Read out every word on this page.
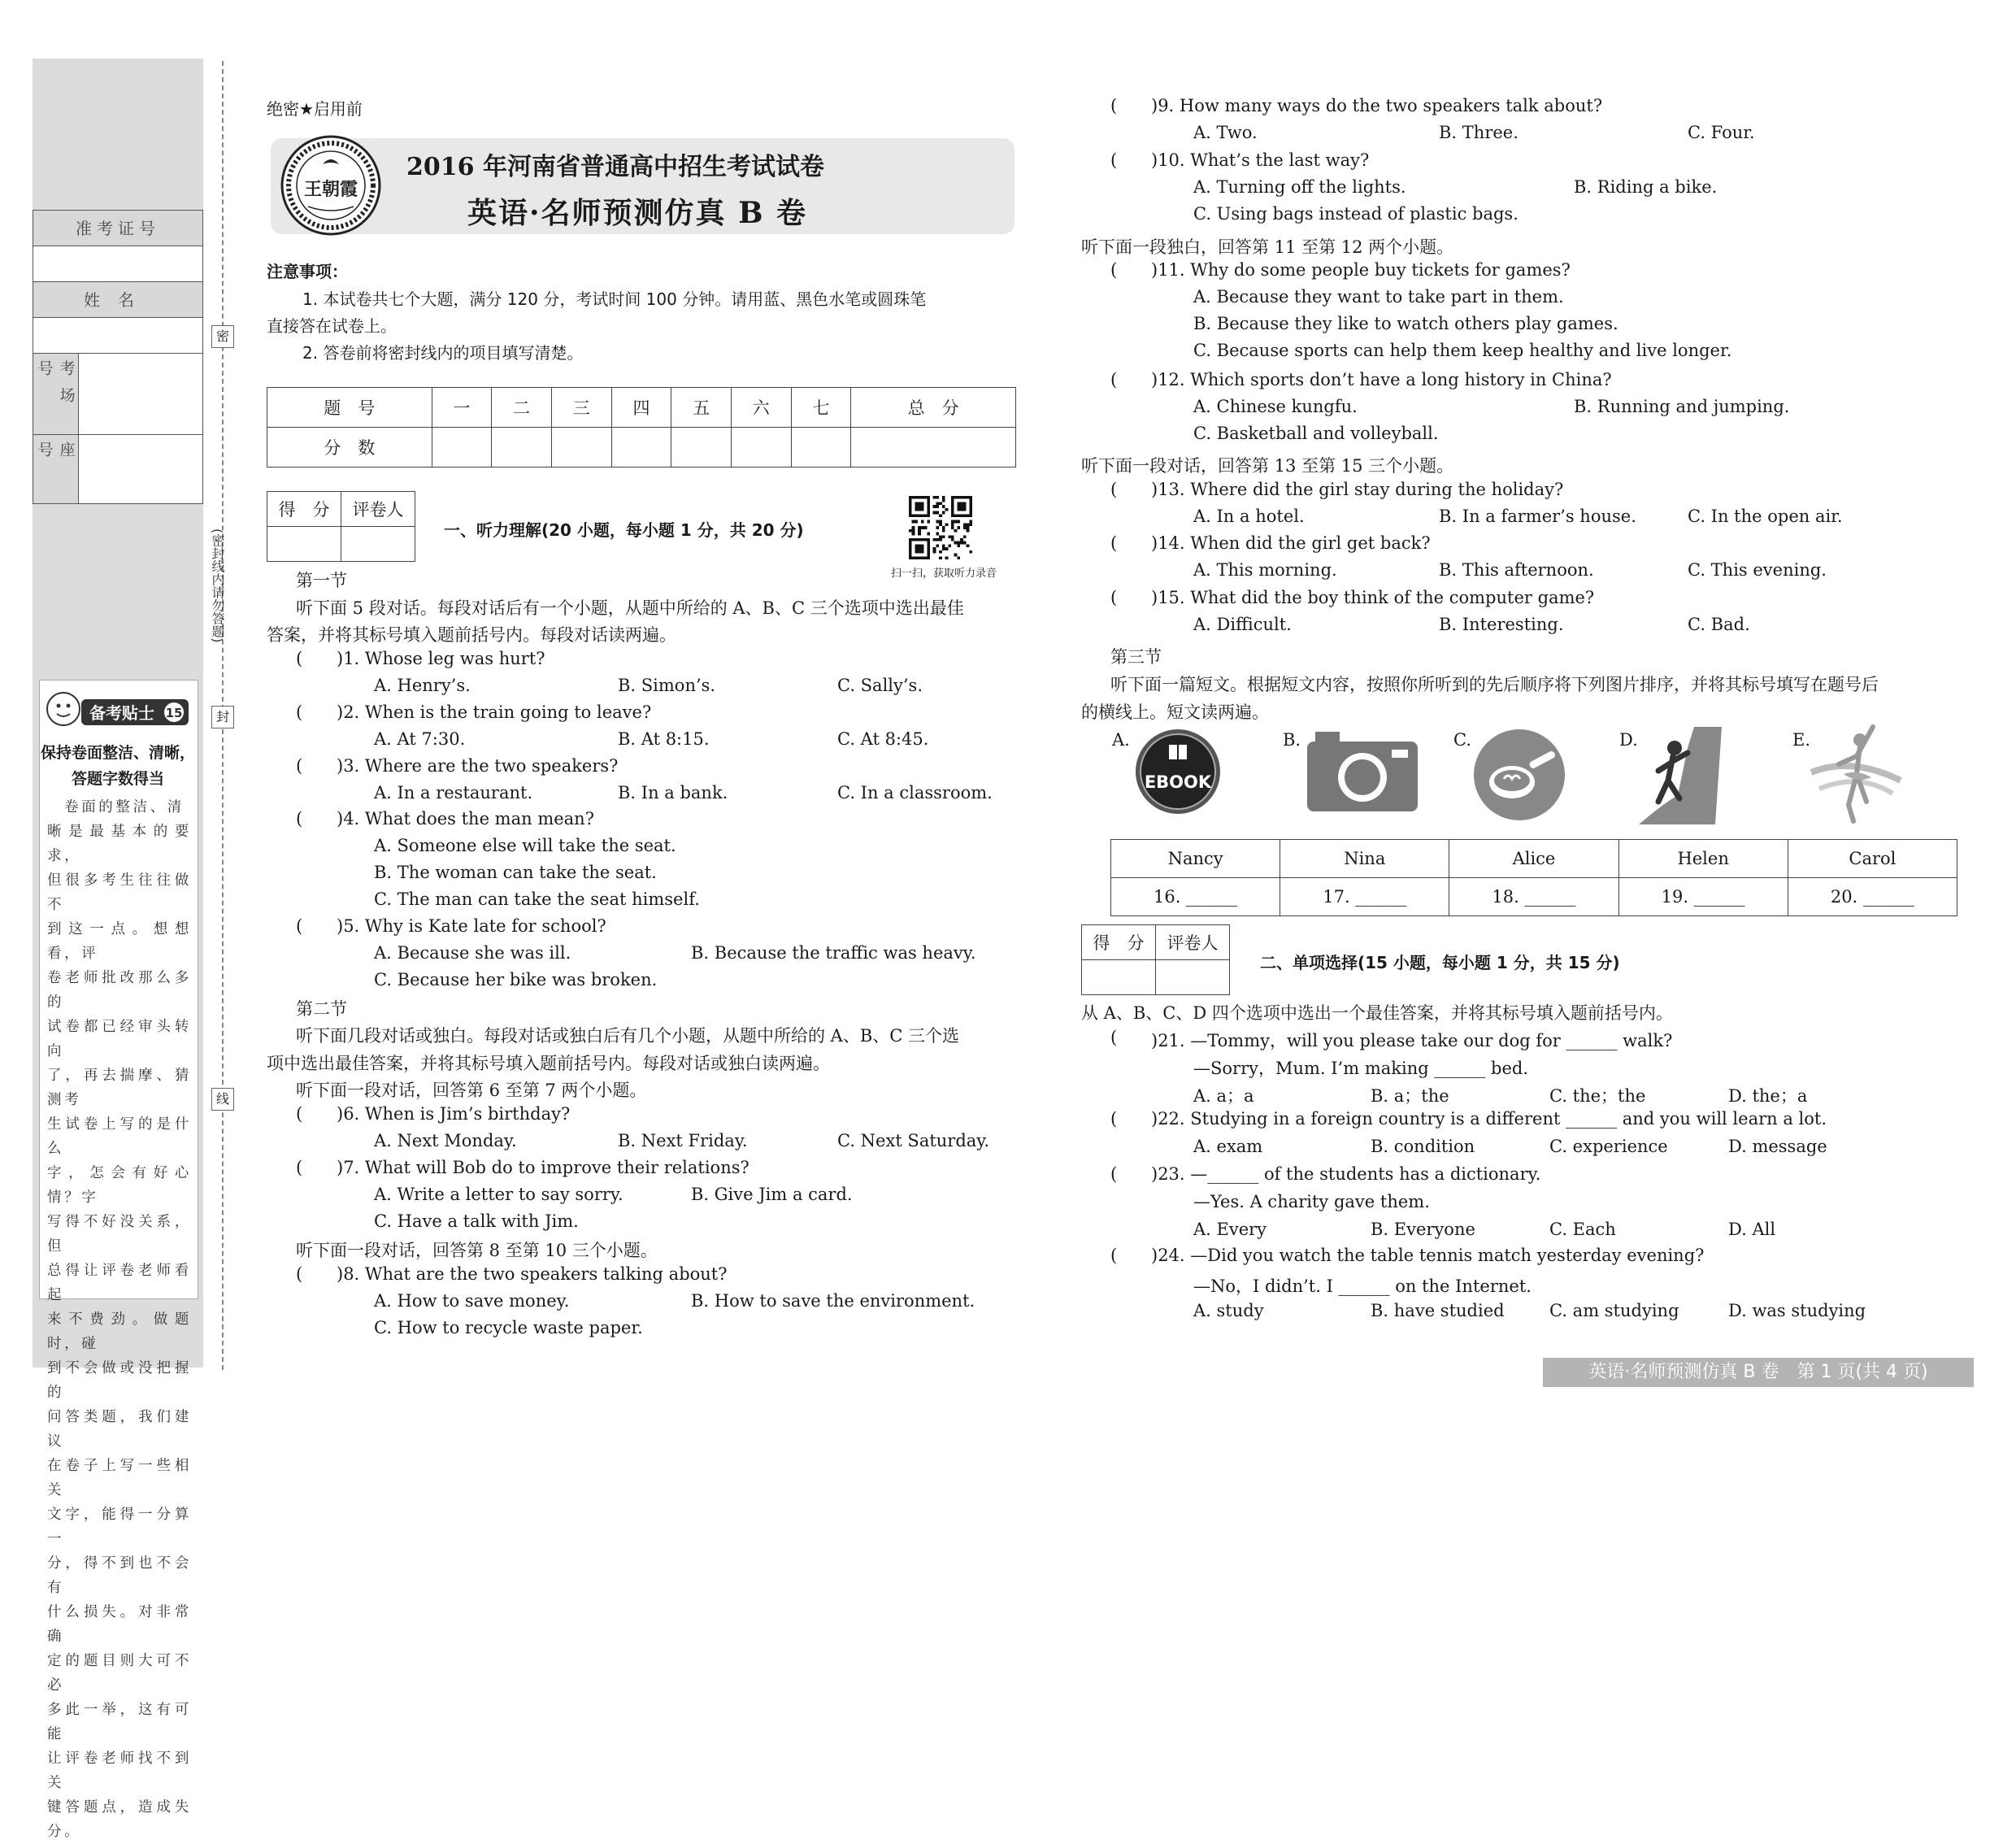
准考证号
姓名
考场号
座号
备考贴士 15
保持卷面整洁、清晰，
答题字数得当
　卷面的整洁、清
晰是最基本的要求，
但很多考生往往做不
到这一点。想想看，评
卷老师批改那么多的
试卷都已经审头转向
了，再去揣摩、猜测考
生试卷上写的是什么
字，怎会有好心情？字
写得不好没关系，但
总得让评卷老师看起
来不费劲。做题时，碰
到不会做或没把握的
问答类题，我们建议
在卷子上写一些相关
文字，能得一分算一
分，得不到也不会有
什么损失。对非常确
定的题目则大可不必
多此一举，这有可能
让评卷老师找不到关
键答题点，造成失分。
密
封
线
(密封线内请勿答题)
绝密★启用前
王朝霞
2016 年河南省普通高中招生考试试卷
英语·名师预测仿真 B 卷
注意事项：
1. 本试卷共七个大题，满分 120 分，考试时间 100 分钟。请用蓝、黑色水笔或圆珠笔
直接答在试卷上。
2. 答卷前将密封线内的项目填写清楚。
题　号	一	二	三	四	五	六	七	总　分
分　数								
得　分	评卷人

一、听力理解(20 小题，每小题 1 分，共 20 分)
扫一扫，获取听力录音
第一节
听下面 5 段对话。每段对话后有一个小题，从题中所给的 A、B、C 三个选项中选出最佳
答案，并将其标号填入题前括号内。每段对话读两遍。
( )1. Whose leg was hurt?
A. Henry’s.	B. Simon’s.	C. Sally’s.
( )2. When is the train going to leave?
A. At 7:30.	B. At 8:15.	C. At 8:45.
( )3. Where are the two speakers?
A. In a restaurant.	B. In a bank.	C. In a classroom.
( )4. What does the man mean?
A. Someone else will take the seat.
B. The woman can take the seat.
C. The man can take the seat himself.
( )5. Why is Kate late for school?
A. Because she was ill.	B. Because the traffic was heavy.
C. Because her bike was broken.
( )6. When is Jim’s birthday?
A. Next Monday.	B. Next Friday.	C. Next Saturday.
( )7. What will Bob do to improve their relations?
A. Write a letter to say sorry.	B. Give Jim a card.
C. Have a talk with Jim.
( )8. What are the two speakers talking about?
A. How to save money.	B. How to save the environment.
C. How to recycle waste paper.
( )9. How many ways do the two speakers talk about?
A. Two.	B. Three.	C. Four.
( )10. What’s the last way?
A. Turning off the lights.	B. Riding a bike.
C. Using bags instead of plastic bags.
( )11. Why do some people buy tickets for games?
A. Because they want to take part in them.
B. Because they like to watch others play games.
C. Because sports can help them keep healthy and live longer.
( )12. Which sports don’t have a long history in China?
A. Chinese kungfu.	B. Running and jumping.
C. Basketball and volleyball.
( )13. Where did the girl stay during the holiday?
A. In a hotel.	B. In a farmer’s house.	C. In the open air.
( )14. When did the girl get back?
A. This morning.	B. This afternoon.	C. This evening.
( )15. What did the boy think of the computer game?
A. Difficult.	B. Interesting.	C. Bad.
第二节
听下面几段对话或独白。每段对话或独白后有几个小题，从题中所给的 A、B、C 三个选
项中选出最佳答案，并将其标号填入题前括号内。每段对话或独白读两遍。
听下面一段对话，回答第 6 至第 7 两个小题。
听下面一段对话，回答第 8 至第 10 三个小题。
听下面一段独白，回答第 11 至第 12 两个小题。
听下面一段对话，回答第 13 至第 15 三个小题。
第三节
听下面一篇短文。根据短文内容，按照你所听到的先后顺序将下列图片排序，并将其标号填写在题号后
的横线上。短文读两遍。
A.	B.	C.	D.	E.
EBOOK
Nancy	Nina	Alice	Helen	Carol
16. ______	17. ______	18. ______	19. ______	20. ______
得　分	评卷人

二、单项选择(15 小题，每小题 1 分，共 15 分)
从 A、B、C、D 四个选项中选出一个最佳答案，并将其标号填入题前括号内。
( )21. —Tommy，will you please take our dog for ______ walk?
—Sorry，Mum. I’m making ______ bed.
A. a；a	B. a；the	C. the；the	D. the；a
( )22. Studying in a foreign country is a different ______ and you will learn a lot.
A. exam	B. condition	C. experience	D. message
( )23. —______ of the students has a dictionary.
—Yes. A charity gave them.
A. Every	B. Everyone	C. Each	D. All
( )24. —Did you watch the table tennis match yesterday evening?
—No，I didn’t. I ______ on the Internet.
A. study	B. have studied	C. am studying	D. was studying
英语·名师预测仿真 B 卷　第 1 页(共 4 页)
